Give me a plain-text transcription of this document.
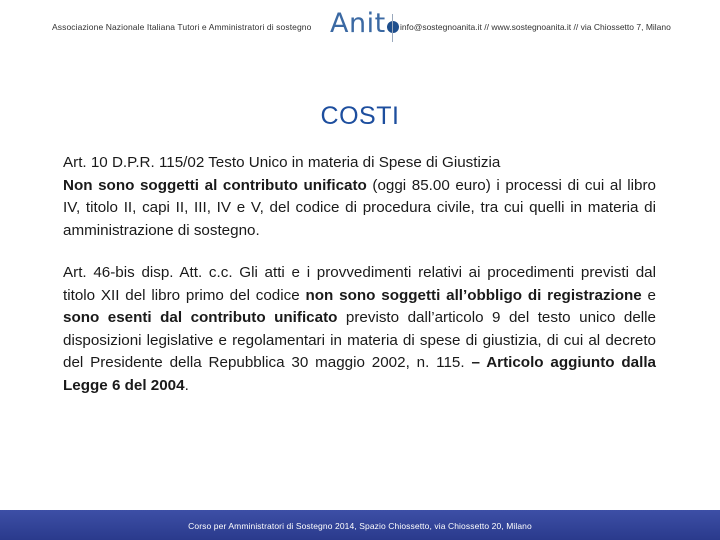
Associazione Nazionale Italiana Tutori e Amministratori di sostegno Anit	info@sostegnoanita.it // www.sostegnoanita.it // via Chiossetto 7, Milano
COSTI

Art. 10 D.P.R. 115/02 Testo Unico in materia di Spese di Giustizia
Non sono soggetti al contributo unificato (oggi 85.00 euro) i processi di cui al libro IV, titolo II, capi II, III, IV e V, del codice di procedura civile, tra cui quelli in materia di amministrazione di sostegno.

Art. 46-bis disp. Att. c.c. Gli atti e i provvedimenti relativi ai procedimenti previsti dal titolo XII del libro primo del codice non sono soggetti all’obbligo di registrazione e sono esenti dal contributo unificato previsto dall’articolo 9 del testo unico delle disposizioni legislative e regolamentari in materia di spese di giustizia, di cui al decreto del Presidente della Repubblica 30 maggio 2002, n. 115. – Articolo aggiunto dalla Legge 6 del 2004.

Corso per Amministratori di Sostegno 2014, Spazio Chiossetto, via Chiossetto 20, Milano
